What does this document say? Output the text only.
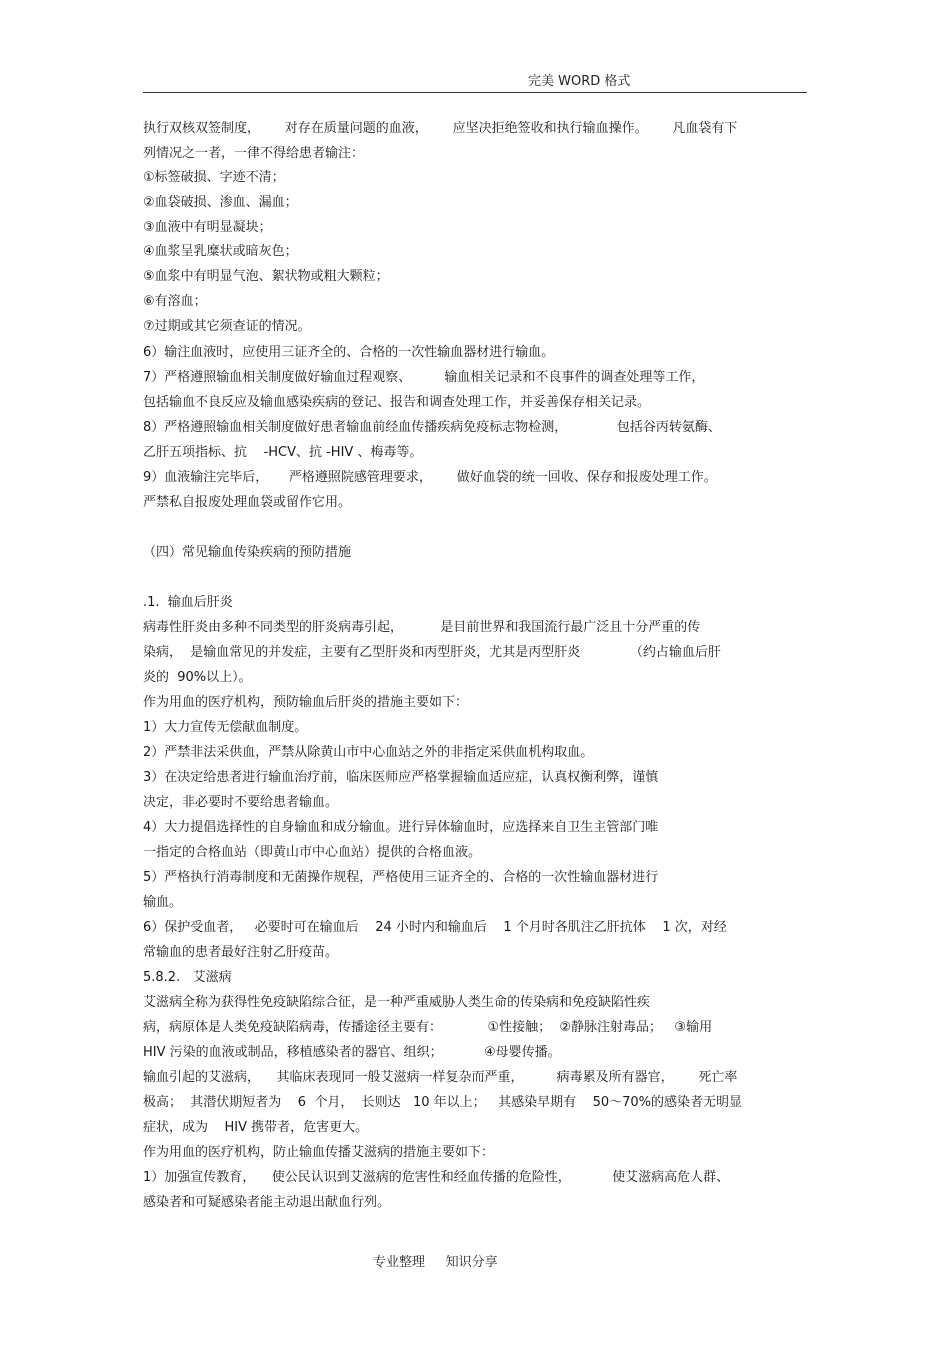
完美 WORD 格式
执行双核双签制度，      对存在质量问题的血液，      应坚决拒绝签收和执行输血操作。      凡血袋有下
列情况之一者，一律不得给患者输注：
①标签破损、字迹不清；
②血袋破损、渗血、漏血；
③血液中有明显凝块；
④血浆呈乳糜状或暗灰色；
⑤血浆中有明显气泡、絮状物或粗大颗粒；
⑥有溶血；
⑦过期或其它须查证的情况。
6）输注血液时，应使用三证齐全的、合格的一次性输血器材进行输血。
7）严格遵照输血相关制度做好输血过程观察、        输血相关记录和不良事件的调查处理等工作，
包括输血不良反应及输血感染疾病的登记、报告和调查处理工作，并妥善保存相关记录。
8）严格遵照输血相关制度做好患者输血前经血传播疾病免疫标志物检测，            包括谷丙转氨酶、
乙肝五项指标、抗    -HCV、抗 -HIV 、梅毒等。
9）血液输注完毕后，     严格遵照院感管理要求，      做好血袋的统一回收、保存和报废处理工作。
严禁私自报废处理血袋或留作它用。
（四）常见输血传染疾病的预防措施
.1.  输血后肝炎
病毒性肝炎由多种不同类型的肝炎病毒引起，         是目前世界和我国流行最广泛且十分严重的传
染病，  是输血常见的并发症，主要有乙型肝炎和丙型肝炎，尤其是丙型肝炎            （约占输血后肝
炎的  90%以上）。
作为用血的医疗机构，预防输血后肝炎的措施主要如下：
1）大力宣传无偿献血制度。
2）严禁非法采供血，严禁从除黄山市中心血站之外的非指定采供血机构取血。
3）在决定给患者进行输血治疗前，临床医师应严格掌握输血适应症，认真权衡利弊，谨慎
决定，非必要时不要给患者输血。
4）大力提倡选择性的自身输血和成分输血。进行异体输血时，应选择来自卫生主管部门唯
一指定的合格血站（即黄山市中心血站）提供的合格血液。
5）严格执行消毒制度和无菌操作规程，严格使用三证齐全的、合格的一次性输血器材进行
输血。
6）保护受血者，   必要时可在输血后    24 小时内和输血后    1 个月时各肌注乙肝抗体    1 次，对经
常输血的患者最好注射乙肝疫苗。
5.8.2.   艾滋病
艾滋病全称为获得性免疫缺陷综合征，是一种严重威胁人类生命的传染病和免疫缺陷性疾
病，病原体是人类免疫缺陷病毒，传播途径主要有：           ①性接触；  ②静脉注射毒品；   ③输用
HIV 污染的血液或制品，移植感染者的器官、组织；          ④母婴传播。
输血引起的艾滋病，    其临床表现同一般艾滋病一样复杂而严重，        病毒累及所有器官，      死亡率
极高；  其潜伏期短者为    6  个月，  长则达   10 年以上；   其感染早期有    50～70%的感染者无明显
症状，成为    HIV 携带者，危害更大。
作为用血的医疗机构，防止输血传播艾滋病的措施主要如下：
1）加强宣传教育，    使公民认识到艾滋病的危害性和经血传播的危险性，          使艾滋病高危人群、
感染者和可疑感染者能主动退出献血行列。
专业整理     知识分享
